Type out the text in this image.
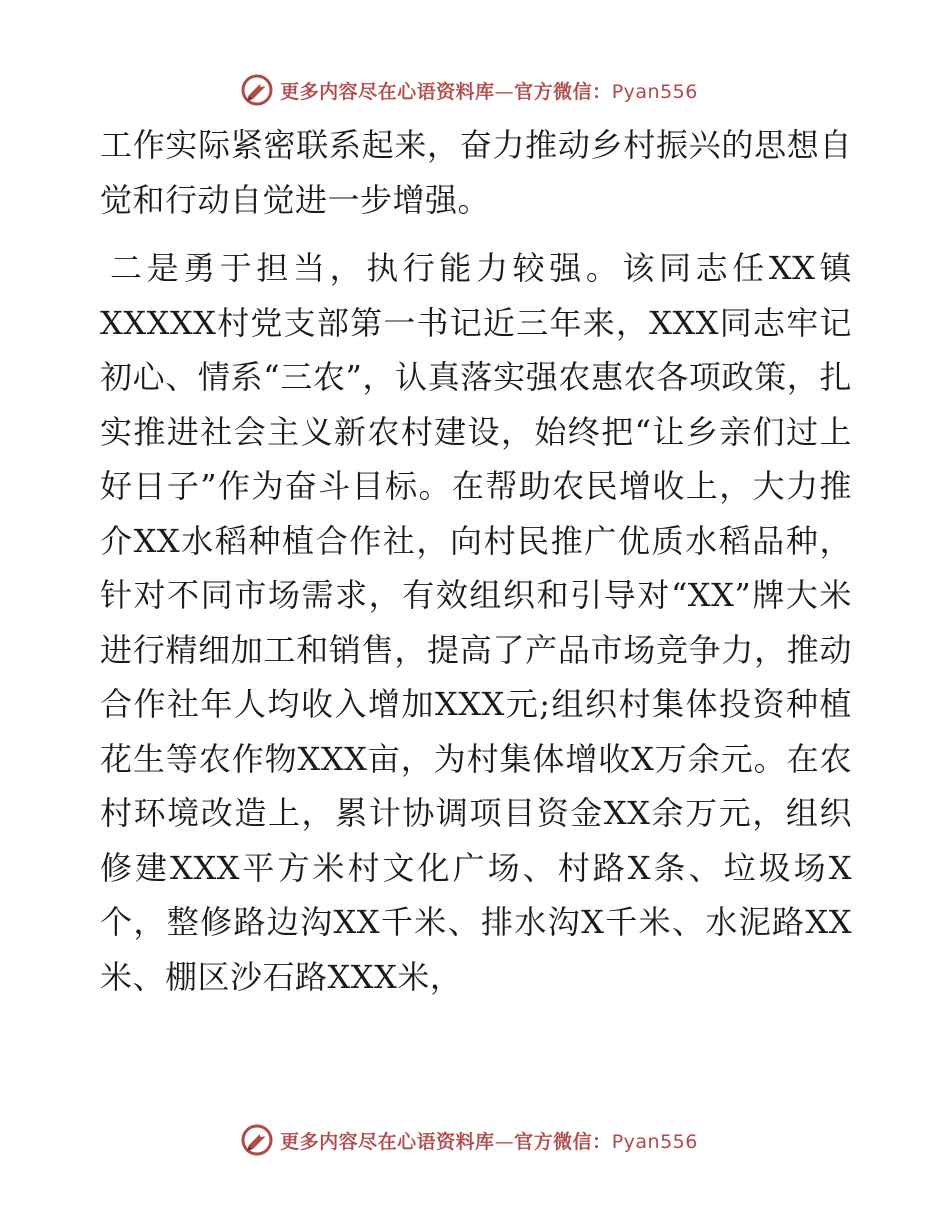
更多内容尽在心语资料库—官方微信：Pyan556

工作实际紧密联系起来，奋力推动乡村振兴的思想自觉和行动自觉进一步增强。

二是勇于担当，执行能力较强。该同志任XX镇XXXXX村党支部第一书记近三年来，XXX同志牢记初心、情系“三农”，认真落实强农惠农各项政策，扎实推进社会主义新农村建设，始终把“让乡亲们过上好日子”作为奋斗目标。在帮助农民增收上，大力推介XX水稻种植合作社，向村民推广优质水稻品种，针对不同市场需求，有效组织和引导对“XX”牌大米进行精细加工和销售，提高了产品市场竞争力，推动合作社年人均收入增加XXX元;组织村集体投资种植花生等农作物XXX亩，为村集体增收X万余元。在农村环境改造上，累计协调项目资金XX余万元，组织修建XXX平方米村文化广场、村路X条、垃圾场X个，整修路边沟XX千米、排水沟X千米、水泥路XX米、棚区沙石路XXX米，

更多内容尽在心语资料库—官方微信：Pyan556
